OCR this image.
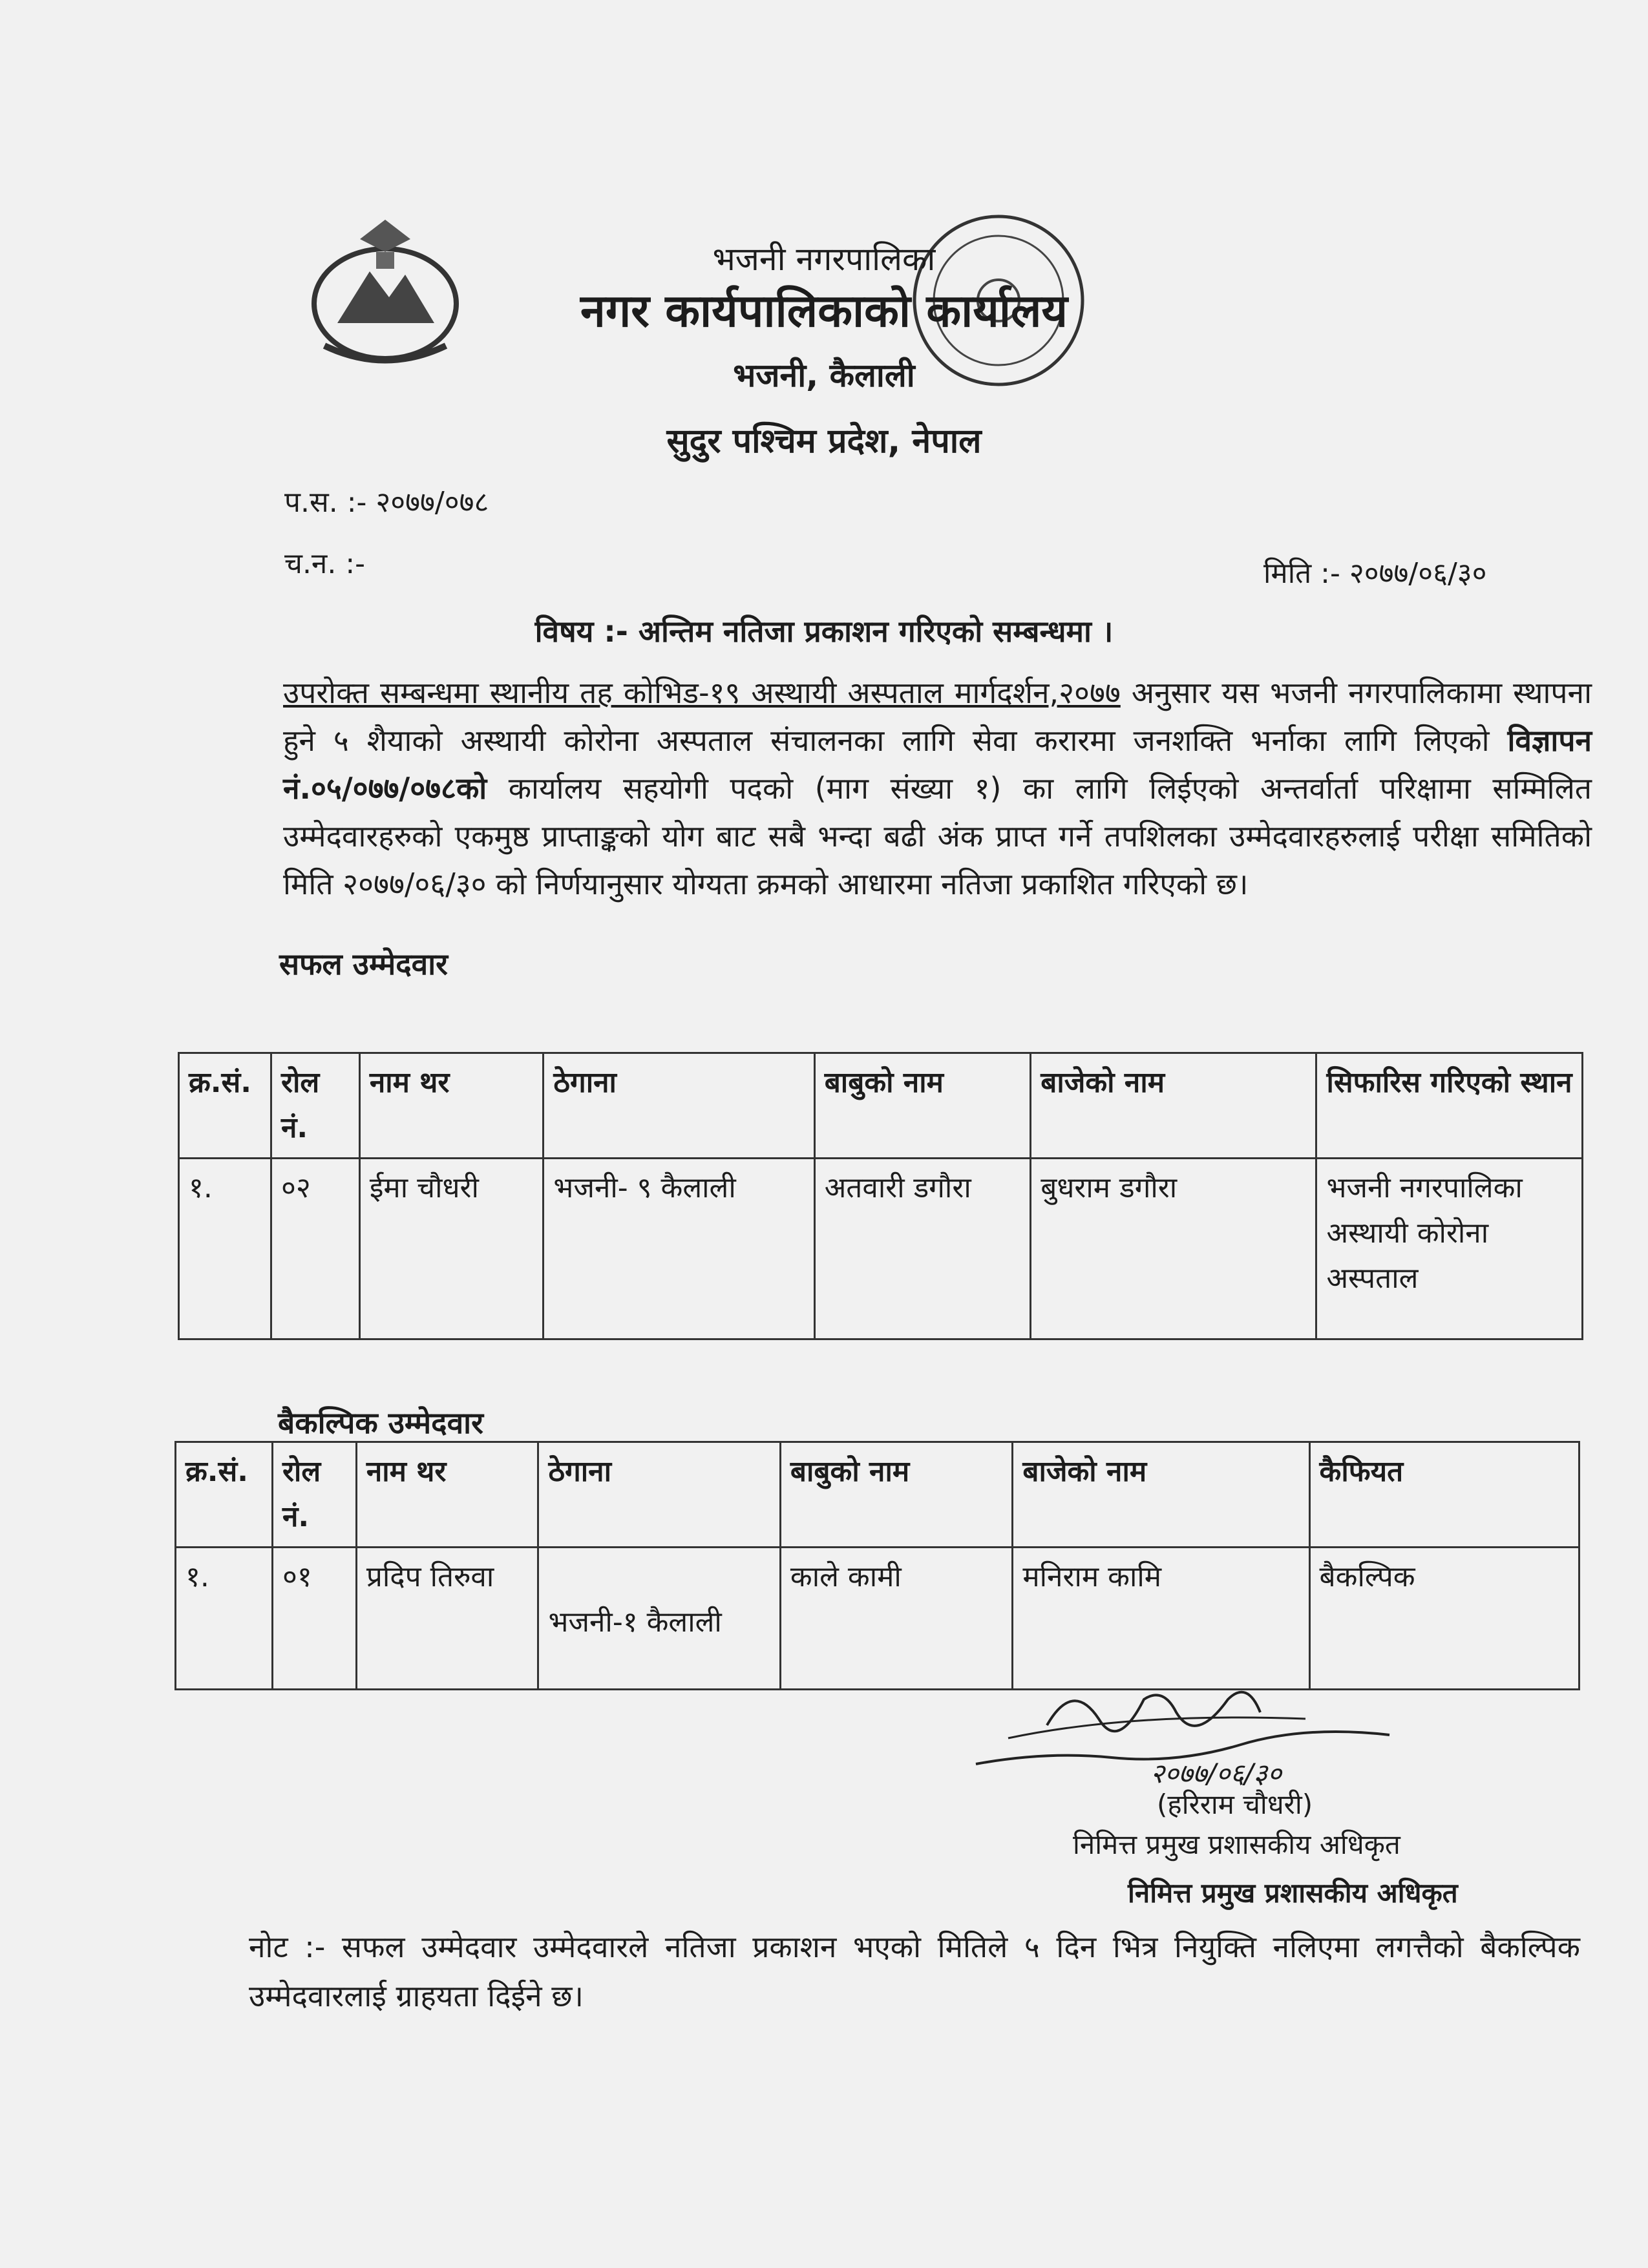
भजनी नगरपालिका
नगर कार्यपालिकाको कार्यालय
भजनी, कैलाली
सुदुर पश्चिम प्रदेश, नेपाल
प.स. :- २०७७/०७८
च.न. :-	मिति :- २०७७/०६/३०
विषय :- अन्तिम नतिजा प्रकाशन गरिएको सम्बन्धमा ।
उपरोक्त सम्बन्धमा स्थानीय तह कोभिड-१९ अस्थायी अस्पताल मार्गदर्शन,२०७७ अनुसार यस भजनी नगरपालिकामा स्थापना हुने ५ शैयाको अस्थायी कोरोना अस्पताल संचालनका लागि सेवा करारमा जनशक्ति भर्नाका लागि लिएको विज्ञापन नं.०५/०७७/०७८को कार्यालय सहयोगी पदको (माग संख्या १) का लागि लिईएको अन्तर्वार्ता परिक्षामा सम्मिलित उम्मेदवारहरुको एकमुष्ठ प्राप्ताङ्कको योग बाट सबै भन्दा बढी अंक प्राप्त गर्ने तपशिलका उम्मेदवारहरुलाई परीक्षा समितिको मिति २०७७/०६/३० को निर्णयानुसार योग्यता क्रमको आधारमा नतिजा प्रकाशित गरिएको छ।
सफल उम्मेदवार
क्र.सं.	रोल नं.	नाम थर	ठेगाना	बाबुको नाम	बाजेको नाम	सिफारिस गरिएको स्थान
१.	०२	ईमा चौधरी	भजनी- ९ कैलाली	अतवारी डगौरा	बुधराम डगौरा	भजनी नगरपालिका अस्थायी कोरोना अस्पताल
बैकल्पिक उम्मेदवार
क्र.सं.	रोल नं.	नाम थर	ठेगाना	बाबुको नाम	बाजेको नाम	कैफियत
१.	०१	प्रदिप तिरुवा	भजनी-१ कैलाली	काले कामी	मनिराम कामि	बैकल्पिक
२०७७/०६/३०
(हरिराम चौधरी)
निमित्त प्रमुख प्रशासकीय अधिकृत
निमित्त प्रमुख प्रशासकीय अधिकृत
नोट :- सफल उम्मेदवार उम्मेदवारले नतिजा प्रकाशन भएको मितिले ५ दिन भित्र नियुक्ति नलिएमा लगत्तैको बैकल्पिक उम्मेदवारलाई ग्राहयता दिईने छ।
